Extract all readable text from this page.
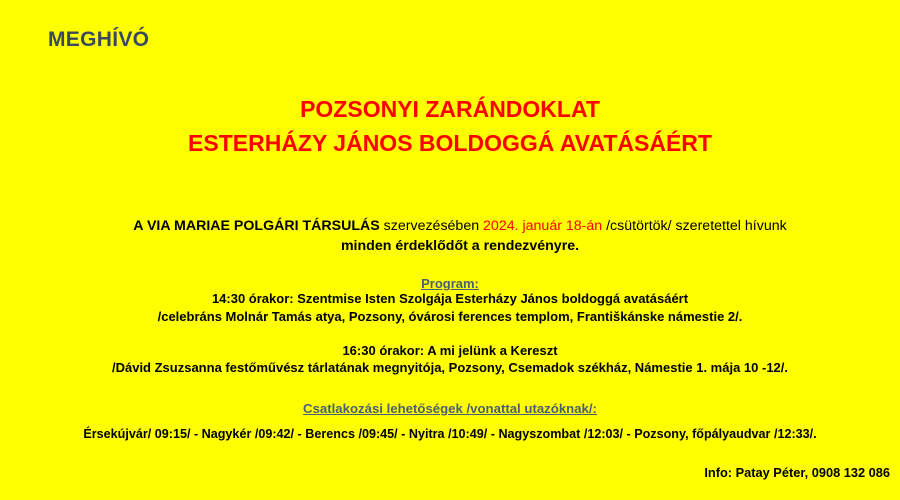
MEGHÍVÓ
POZSONYI ZARÁNDOKLAT
ESTERHÁZY JÁNOS BOLDOGGÁ AVATÁSÁÉRT
A VIA MARIAE POLGÁRI TÁRSULÁS szervezésében 2024. január 18-án /csütörtök/ szeretettel hívunk
minden érdeklődőt a rendezvényre.
Program:
14:30 órakor: Szentmise Isten Szolgája Esterházy János boldoggá avatásáért
/celebráns Molnár Tamás atya, Pozsony, óvárosi ferences templom, Františkánske námestie 2/.
16:30 órakor: A mi jelünk a Kereszt
/Dávid Zsuzsanna festőművész tárlatának megnyitója, Pozsony, Csemadok székház, Námestie 1. mája 10 -12/.
Csatlakozási lehetőségek /vonattal utazóknak/:
Érsekújvár/ 09:15/ - Nagykér /09:42/ - Berencs /09:45/ - Nyitra /10:49/ - Nagyszombat /12:03/ - Pozsony, főpályaudvar /12:33/.
Info: Patay Péter, 0908 132 086
